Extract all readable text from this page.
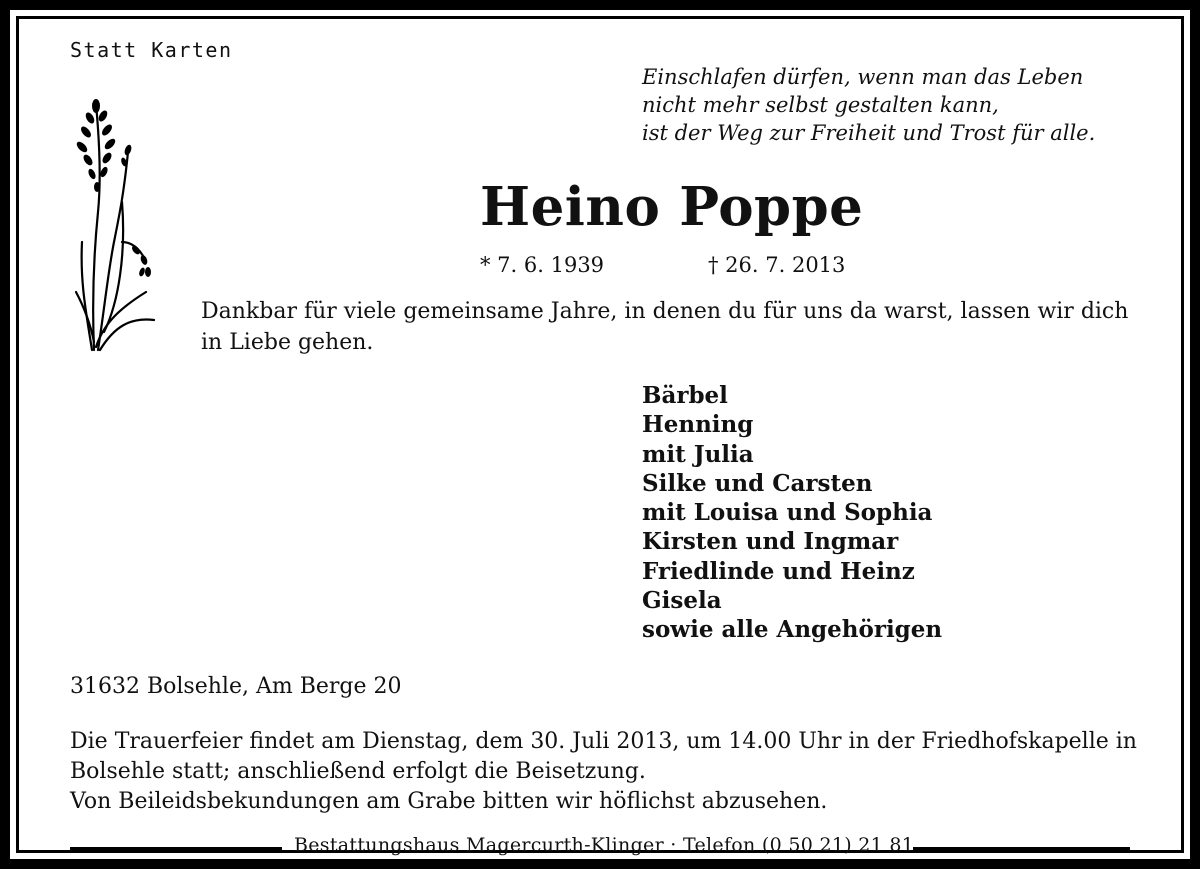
Statt Karten
Einschlafen dürfen, wenn man das Leben
nicht mehr selbst gestalten kann,
ist der Weg zur Freiheit und Trost für alle.
Heino Poppe
* 7. 6. 1939	† 26. 7. 2013
Dankbar für viele gemeinsame Jahre, in denen du für uns da warst, lassen wir dich in Liebe gehen.
Bärbel
Henning
mit Julia
Silke und Carsten
mit Louisa und Sophia
Kirsten und Ingmar
Friedlinde und Heinz
Gisela
sowie alle Angehörigen
31632 Bolsehle, Am Berge 20
Die Trauerfeier findet am Dienstag, dem 30. Juli 2013, um 14.00 Uhr in der Friedhofskapelle in Bolsehle statt; anschließend erfolgt die Beisetzung.
Von Beileidsbekundungen am Grabe bitten wir höflichst abzusehen.
Bestattungshaus Magercurth-Klinger · Telefon (0 50 21) 21 81
